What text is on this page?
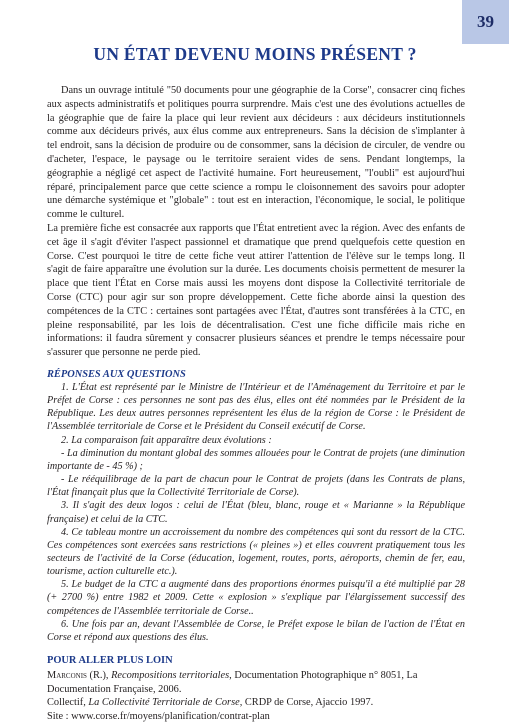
39
UN ÉTAT DEVENU MOINS PRÉSENT ?

Dans un ouvrage intitulé "50 documents pour une géographie de la Corse", consacrer cinq fiches aux aspects administratifs et politiques pourra surprendre. Mais c'est une des évolutions actuelles de la géographie que de faire la place qui leur revient aux décideurs : aux décideurs institutionnels comme aux décideurs privés, aux élus comme aux entrepreneurs. Sans la décision de s'implanter à tel endroit, sans la décision de produire ou de consommer, sans la décision de circuler, de vendre ou d'acheter, l'espace, le paysage ou le territoire seraient vides de sens. Pendant longtemps, la géographie a négligé cet aspect de l'activité humaine. Fort heureusement, "l'oubli" est aujourd'hui réparé, principalement parce que cette science a rompu le cloisonnement des savoirs pour adopter une démarche systémique et "globale" : tout est en interaction, l'économique, le social, le politique comme le culturel.

La première fiche est consacrée aux rapports que l'État entretient avec la région. Avec des enfants de cet âge il s'agit d'éviter l'aspect passionnel et dramatique que prend quelquefois cette question en Corse. C'est pourquoi le titre de cette fiche veut attirer l'attention de l'élève sur le temps long. Il s'agit de faire apparaître une évolution sur la durée. Les documents choisis permettent de mesurer la place que tient l'État en Corse mais aussi les moyens dont dispose la Collectivité territoriale de Corse (CTC) pour agir sur son propre développement. Cette fiche aborde ainsi la question des compétences de la CTC : certaines sont partagées avec l'État, d'autres sont transférées à la CTC, en pleine responsabilité, par les lois de décentralisation. C'est une fiche difficile mais riche en informations: il faudra sûrement y consacrer plusieurs séances et prendre le temps nécessaire pour s'assurer que personne ne perde pied.

RÉPONSES AUX QUESTIONS

1. L'État est représenté par le Ministre de l'Intérieur et de l'Aménagement du Territoire et par le Préfet de Corse : ces personnes ne sont pas des élus, elles ont été nommées par le Président de la République. Les deux autres personnes représentent les élus de la région de Corse : le Président de l'Assemblée territoriale de Corse et le Président du Conseil exécutif de Corse.

2. La comparaison fait apparaître deux évolutions :

- La diminution du montant global des sommes allouées pour le Contrat de projets (une diminution importante de - 45 %) ;

- Le rééquilibrage de la part de chacun pour le Contrat de projets (dans les Contrats de plans, l'État finançait plus que la Collectivité Territoriale de Corse).

3. Il s'agit des deux logos : celui de l'État (bleu, blanc, rouge et « Marianne » la République française) et celui de la CTC.

4. Ce tableau montre un accroissement du nombre des compétences qui sont du ressort de la CTC. Ces compétences sont exercées sans restrictions (« pleines ») et elles couvrent pratiquement tous les secteurs de l'activité de la Corse (éducation, logement, routes, ports, aéroports, chemin de fer, eau, tourisme, action culturelle etc.).

5. Le budget de la CTC a augmenté dans des proportions énormes puisqu'il a été multiplié par 28 (+ 2700 %) entre 1982 et 2009. Cette « explosion » s'explique par l'élargissement successif des compétences de l'Assemblée territoriale de Corse..

6. Une fois par an, devant l'Assemblée de Corse, le Préfet expose le bilan de l'action de l'État en Corse et répond aux questions des élus.

POUR ALLER PLUS LOIN

Marconis (R.), Recompositions territoriales, Documentation Photographique n° 8051, La Documentation Française, 2006.

Collectif, La Collectivité Territoriale de Corse, CRDP de Corse, Ajaccio 1997.

Site : www.corse.fr/moyens/planification/contrat-plan
